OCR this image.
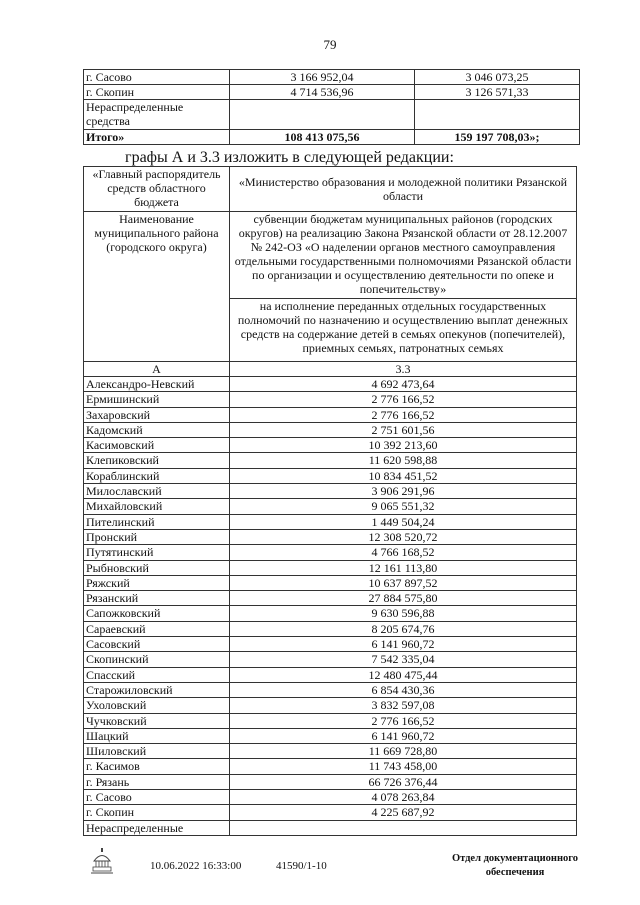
79
г. Сасово	3 166 952,04	3 046 073,25
г. Скопин	4 714 536,96	3 126 571,33
Нераспределенные средства		
Итого»	108 413 075,56	159 197 708,03»;
графы А и 3.3 изложить в следующей редакции:
«Главный распорядитель средств областного бюджета	«Министерство образования и молодежной политики Рязанской области
Наименование муниципального района (городского округа)	субвенции бюджетам муниципальных районов (городских округов) на реализацию Закона Рязанской области от 28.12.2007 № 242-ОЗ «О наделении органов местного самоуправления отдельными государственными полномочиями Рязанской области по организации и осуществлению деятельности по опеке и попечительству»
	на исполнение переданных отдельных государственных полномочий по назначению и осуществлению выплат денежных средств на содержание детей в семьях опекунов (попечителей), приемных семьях, патронатных семьях
А	3.3
Александро-Невский	4 692 473,64
Ермишинский	2 776 166,52
Захаровский	2 776 166,52
Кадомский	2 751 601,56
Касимовский	10 392 213,60
Клепиковский	11 620 598,88
Кораблинский	10 834 451,52
Милославский	3 906 291,96
Михайловский	9 065 551,32
Пителинский	1 449 504,24
Пронский	12 308 520,72
Путятинский	4 766 168,52
Рыбновский	12 161 113,80
Ряжский	10 637 897,52
Рязанский	27 884 575,80
Сапожковский	9 630 596,88
Сараевский	8 205 674,76
Сасовский	6 141 960,72
Скопинский	7 542 335,04
Спасский	12 480 475,44
Старожиловский	6 854 430,36
Ухоловский	3 832 597,08
Чучковский	2 776 166,52
Шацкий	6 141 960,72
Шиловский	11 669 728,80
г. Касимов	11 743 458,00
г. Рязань	66 726 376,44
г. Сасово	4 078 263,84
г. Скопин	4 225 687,92
Нераспределенные	
10.06.2022 16:33:00	41590/1-10
Отдел документационного обеспечения
